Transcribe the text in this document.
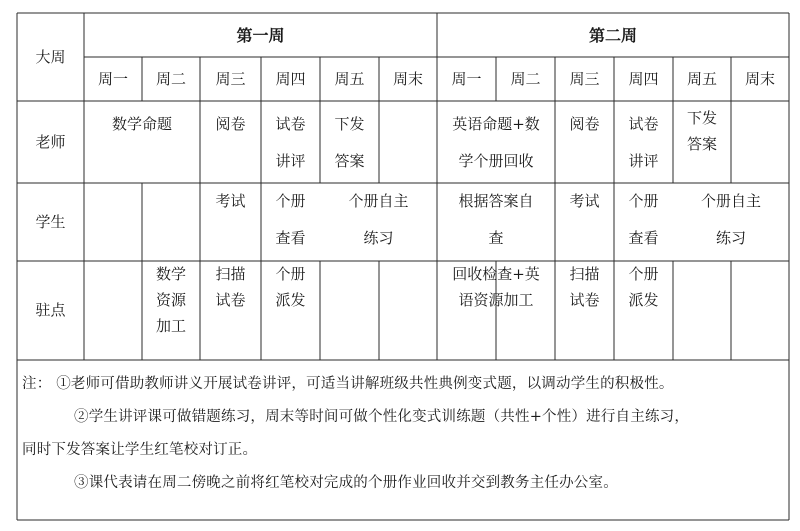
大周
第一周	第二周
周一 周二 周三 周四 周五 周末 周一 周二 周三 周四 周五 周末
老师
数学命题	阅卷 试卷
讲评
下发
答案
英语命题+数
学个册回收
阅卷 试卷
讲评
下发
答案
学生
考试 个册
查看
个册自主
练习
根据答案自
查
考试 个册
查看
个册自主
练习
驻点
数学
资源
加工
扫描
试卷
个册
派发
回收检查+英
语资源加工
扫描
试卷
个册
派发

注： ①老师可借助教师讲义开展试卷讲评，可适当讲解班级共性典例变式题，以调动学生的积极性。

②学生讲评课可做错题练习，周末等时间可做个性化变式训练题（共性+个性）进行自主练习，

同时下发答案让学生红笔校对订正。

③课代表请在周二傍晚之前将红笔校对完成的个册作业回收并交到教务主任办公室。
